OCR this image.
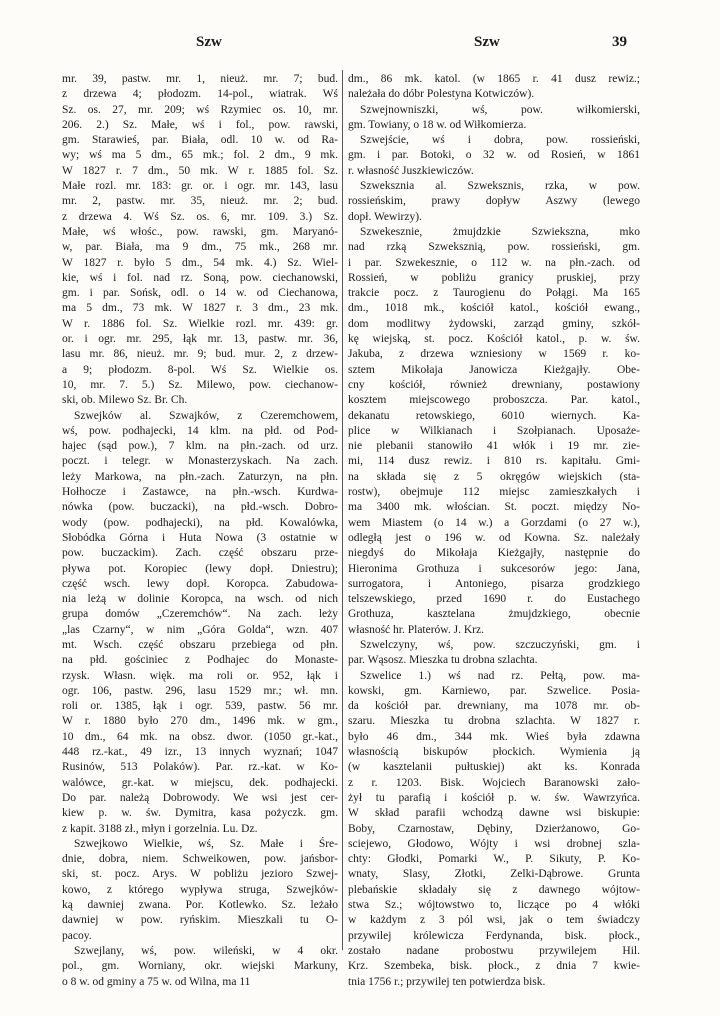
Szw	Szw	39
mr. 39, pastw. mr. 1, nieuż. mr. 7; bud.
z drzewa 4; płodozm. 14-pol., wiatrak. Wś
Sz. os. 27, mr. 209; wś Rzymiec os. 10, mr.
206. 2.) Sz. Małe, wś i fol., pow. rawski,
gm. Starawieś, par. Biała, odl. 10 w. od Ra-
wy; wś ma 5 dm., 65 mk.; fol. 2 dm., 9 mk.
W 1827 r. 7 dm., 50 mk. W r. 1885 fol. Sz.
Małe rozl. mr. 183: gr. or. i ogr. mr. 143, lasu
mr. 2, pastw. mr. 35, nieuż. mr. 2; bud.
z drzewa 4. Wś Sz. os. 6, mr. 109. 3.) Sz.
Małe, wś włośc., pow. rawski, gm. Maryanó-
w, par. Biała, ma 9 dm., 75 mk., 268 mr.
W 1827 r. było 5 dm., 54 mk. 4.) Sz. Wiel-
kie, wś i fol. nad rz. Soną, pow. ciechanowski,
gm. i par. Sońsk, odl. o 14 w. od Ciechanowa,
ma 5 dm., 73 mk. W 1827 r. 3 dm., 23 mk.
W r. 1886 fol. Sz. Wielkie rozl. mr. 439: gr.
or. i ogr. mr. 295, łąk mr. 13, pastw. mr. 36,
lasu mr. 86, nieuż. mr. 9; bud. mur. 2, z drzew-
a 9; płodozm. 8-pol. Wś Sz. Wielkie os.
10, mr. 7. 5.) Sz. Milewo, pow. ciechanow-
ski, ob. Milewo Sz. Br. Ch.
Szwejków al. Szwajków, z Czeremchowem,
wś, pow. podhajecki, 14 klm. na płd. od Pod-
hajec (sąd pow.), 7 klm. na płn.-zach. od urz.
poczt. i telegr. w Monasterzyskach. Na zach.
leży Markowa, na płn.-zach. Zaturzyn, na płn.
Hołhocze i Zastawce, na płn.-wsch. Kurdwa-
nówka (pow. buczacki), na płd.-wsch. Dobro-
wody (pow. podhajecki), na płd. Kowalówka,
Słobódka Górna i Huta Nowa (3 ostatnie w
pow. buczackim). Zach. część obszaru prze-
pływa pot. Koropiec (lewy dopł. Dniestru);
część wsch. lewy dopł. Koropca. Zabudowa-
nia leżą w dolinie Koropca, na wsch. od nich
grupa domów „Czeremchów“. Na zach. leży
„las Czarny“, w nim „Góra Golda“, wzn. 407
mt. Wsch. część obszaru przebiega od płn.
na płd. gościniec z Podhajec do Monaste-
rzysk. Własn. więk. ma roli or. 952, łąk i
ogr. 106, pastw. 296, lasu 1529 mr.; wł. mn.
roli or. 1385, łąk i ogr. 539, pastw. 56 mr.
W r. 1880 było 270 dm., 1496 mk. w gm.,
10 dm., 64 mk. na obsz. dwor. (1050 gr.-kat.,
448 rz.-kat., 49 izr., 13 innych wyznań; 1047
Rusinów, 513 Polaków). Par. rz.-kat. w Ko-
walówce, gr.-kat. w miejscu, dek. podhajecki.
Do par. należą Dobrowody. We wsi jest cer-
kiew p. w. św. Dymitra, kasa pożyczk. gm.
z kapit. 3188 zł., młyn i gorzelnia. Lu. Dz.
Szwejkowo Wielkie, wś, Sz. Małe i Śre-
dnie, dobra, niem. Schweikowen, pow. jańsbor-
ski, st. pocz. Arys. W pobliżu jezioro Szwej-
kowo, z którego wypływa struga, Szwejków-
ką dawniej zwana. Por. Kotlewko. Sz. leżało
dawniej w pow. ryńskim. Mieszkali tu O-
pacoy.
Szwejlany, wś, pow. wileński, w 4 okr.
pol., gm. Worniany, okr. wiejski Markuny,
o 8 w. od gminy a 75 w. od Wilna, ma 11
dm., 86 mk. katol. (w 1865 r. 41 dusz rewiz.;
należała do dóbr Polestyna Kotwiczów).
Szwejnowniszki, wś, pow. wiłkomierski,
gm. Towiany, o 18 w. od Wiłkomierza.
Szwejście, wś i dobra, pow. rossieński,
gm. i par. Botoki, o 32 w. od Rosień, w 1861
r. własność Juszkiewiczów.
Szweksznia al. Szweksznis, rzka, w pow.
rossieńskim, prawy dopływ Aszwy (lewego
dopł. Wewirzy).
Szwekesznie, żmujdzkie Szwiekszna, mko
nad rzką Szweksznią, pow. rossieński, gm.
i par. Szwekesznie, o 112 w. na płn.-zach. od
Rossień, w pobliżu granicy pruskiej, przy
trakcie pocz. z Taurogienu do Połągi. Ma 165
dm., 1018 mk., kościół katol., kościół ewang.,
dom modlitwy żydowski, zarząd gminy, szkół-
kę wiejską, st. pocz. Kościół katol., p. w. św.
Jakuba, z drzewa wzniesiony w 1569 r. ko-
sztem Mikołaja Janowicza Kieżgajły. Obe-
cny kościół, również drewniany, postawiony
kosztem miejscowego proboszcza. Par. katol.,
dekanatu retowskiego, 6010 wiernych. Ka-
plice w Wilkianach i Szołpianach. Uposaże-
nie plebanii stanowiło 41 włók i 19 mr. zie-
mi, 114 dusz rewiz. i 810 rs. kapitału. Gmi-
na składa się z 5 okręgów wiejskich (sta-
rostw), obejmuje 112 miejsc zamieszkałych i
ma 3400 mk. włościan. St. poczt. między No-
wem Miastem (o 14 w.) a Gorzdami (o 27 w.),
odległą jest o 196 w. od Kowna. Sz. należały
niegdyś do Mikołaja Kieżgajły, następnie do
Hieronima Grothuza i sukcesorów jego: Jana,
surrogatora, i Antoniego, pisarza grodzkiego
telszewskiego, przed 1690 r. do Eustachego
Grothuza, kasztelana żmujdzkiego, obecnie
własność hr. Platerów. J. Krz.
Szwelczyny, wś, pow. szczuczyński, gm. i
par. Wąsosz. Mieszka tu drobna szlachta.
Szwelice 1.) wś nad rz. Pełtą, pow. ma-
kowski, gm. Karniewo, par. Szwelice. Posia-
da kościół par. drewniany, ma 1078 mr. ob-
szaru. Mieszka tu drobna szlachta. W 1827 r.
było 46 dm., 344 mk. Wieś była zdawna
własnością biskupów płockich. Wymienia ją
(w kasztelanii pułtuskiej) akt ks. Konrada
z r. 1203. Bisk. Wojciech Baranowski zało-
żył tu parafią i kościół p. w. św. Wawrzyńca.
W skład parafii wchodzą dawne wsi biskupie:
Boby, Czarnostaw, Dębiny, Dzierżanowo, Go-
sciejewo, Głodowo, Wójty i wsi drobnej szla-
chty: Głodki, Pomarki W., P. Sikuty, P. Ko-
wnaty, Slasy, Złotki, Zelki-Dąbrowe. Grunta
plebańskie składały się z dawnego wójtow-
stwa Sz.; wójtowstwo to, liczące po 4 włóki
w każdym z 3 pól wsi, jak o tem świadczy
przywilej królewicza Ferdynanda, bisk. płock.,
zostało nadane probostwu przywilejem Hil.
Krz. Szembeka, bisk. płock., z dnia 7 kwie-
tnia 1756 r.; przywilej ten potwierdza bisk.
